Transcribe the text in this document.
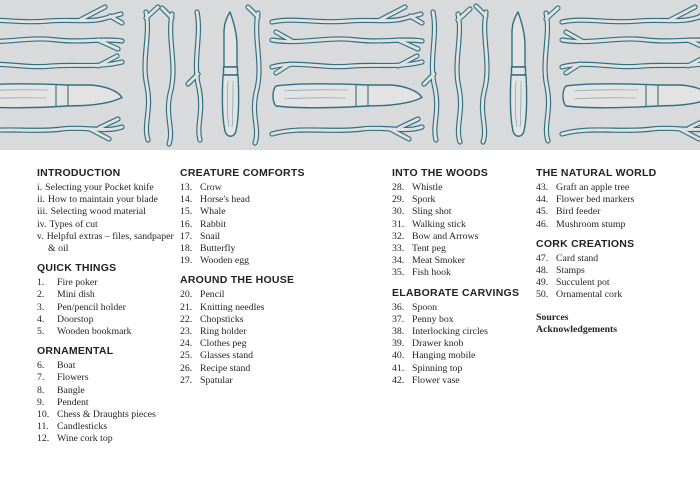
INTRODUCTION
i. Selecting your Pocket knife
ii. How to maintain your blade
iii. Selecting wood material
iv. Types of cut
v. Helpful extras – files, sandpaper & oil
QUICK THINGS
1. Fire poker
2. Mini dish
3. Pen/pencil holder
4. Doorstop
5. Wooden bookmark
ORNAMENTAL
6. Boat
7. Flowers
8. Bangle
9. Pendent
10. Chess & Draughts pieces
11. Candlesticks
12. Wine cork top
CREATURE COMFORTS
13. Crow
14. Horse's head
15. Whale
16. Rabbit
17. Snail
18. Butterfly
19. Wooden egg
AROUND THE HOUSE
20. Pencil
21. Knitting needles
22. Chopsticks
23. Ring holder
24. Clothes peg
25. Glasses stand
26. Recipe stand
27. Spatular
INTO THE WOODS
28. Whistle
29. Spork
30. Sling shot
31. Walking stick
32. Bow and Arrows
33. Tent peg
34. Meat Smoker
35. Fish hook
ELABORATE CARVINGS
36. Spoon
37. Penny box
38. Interlocking circles
39. Drawer knob
40. Hanging mobile
41. Spinning top
42. Flower vase
THE NATURAL WORLD
43. Graft an apple tree
44. Flower bed markers
45. Bird feeder
46. Mushroom stump
CORK CREATIONS
47. Card stand
48. Stamps
49. Succulent pot
50. Ornamental cork
Sources
Acknowledgements
